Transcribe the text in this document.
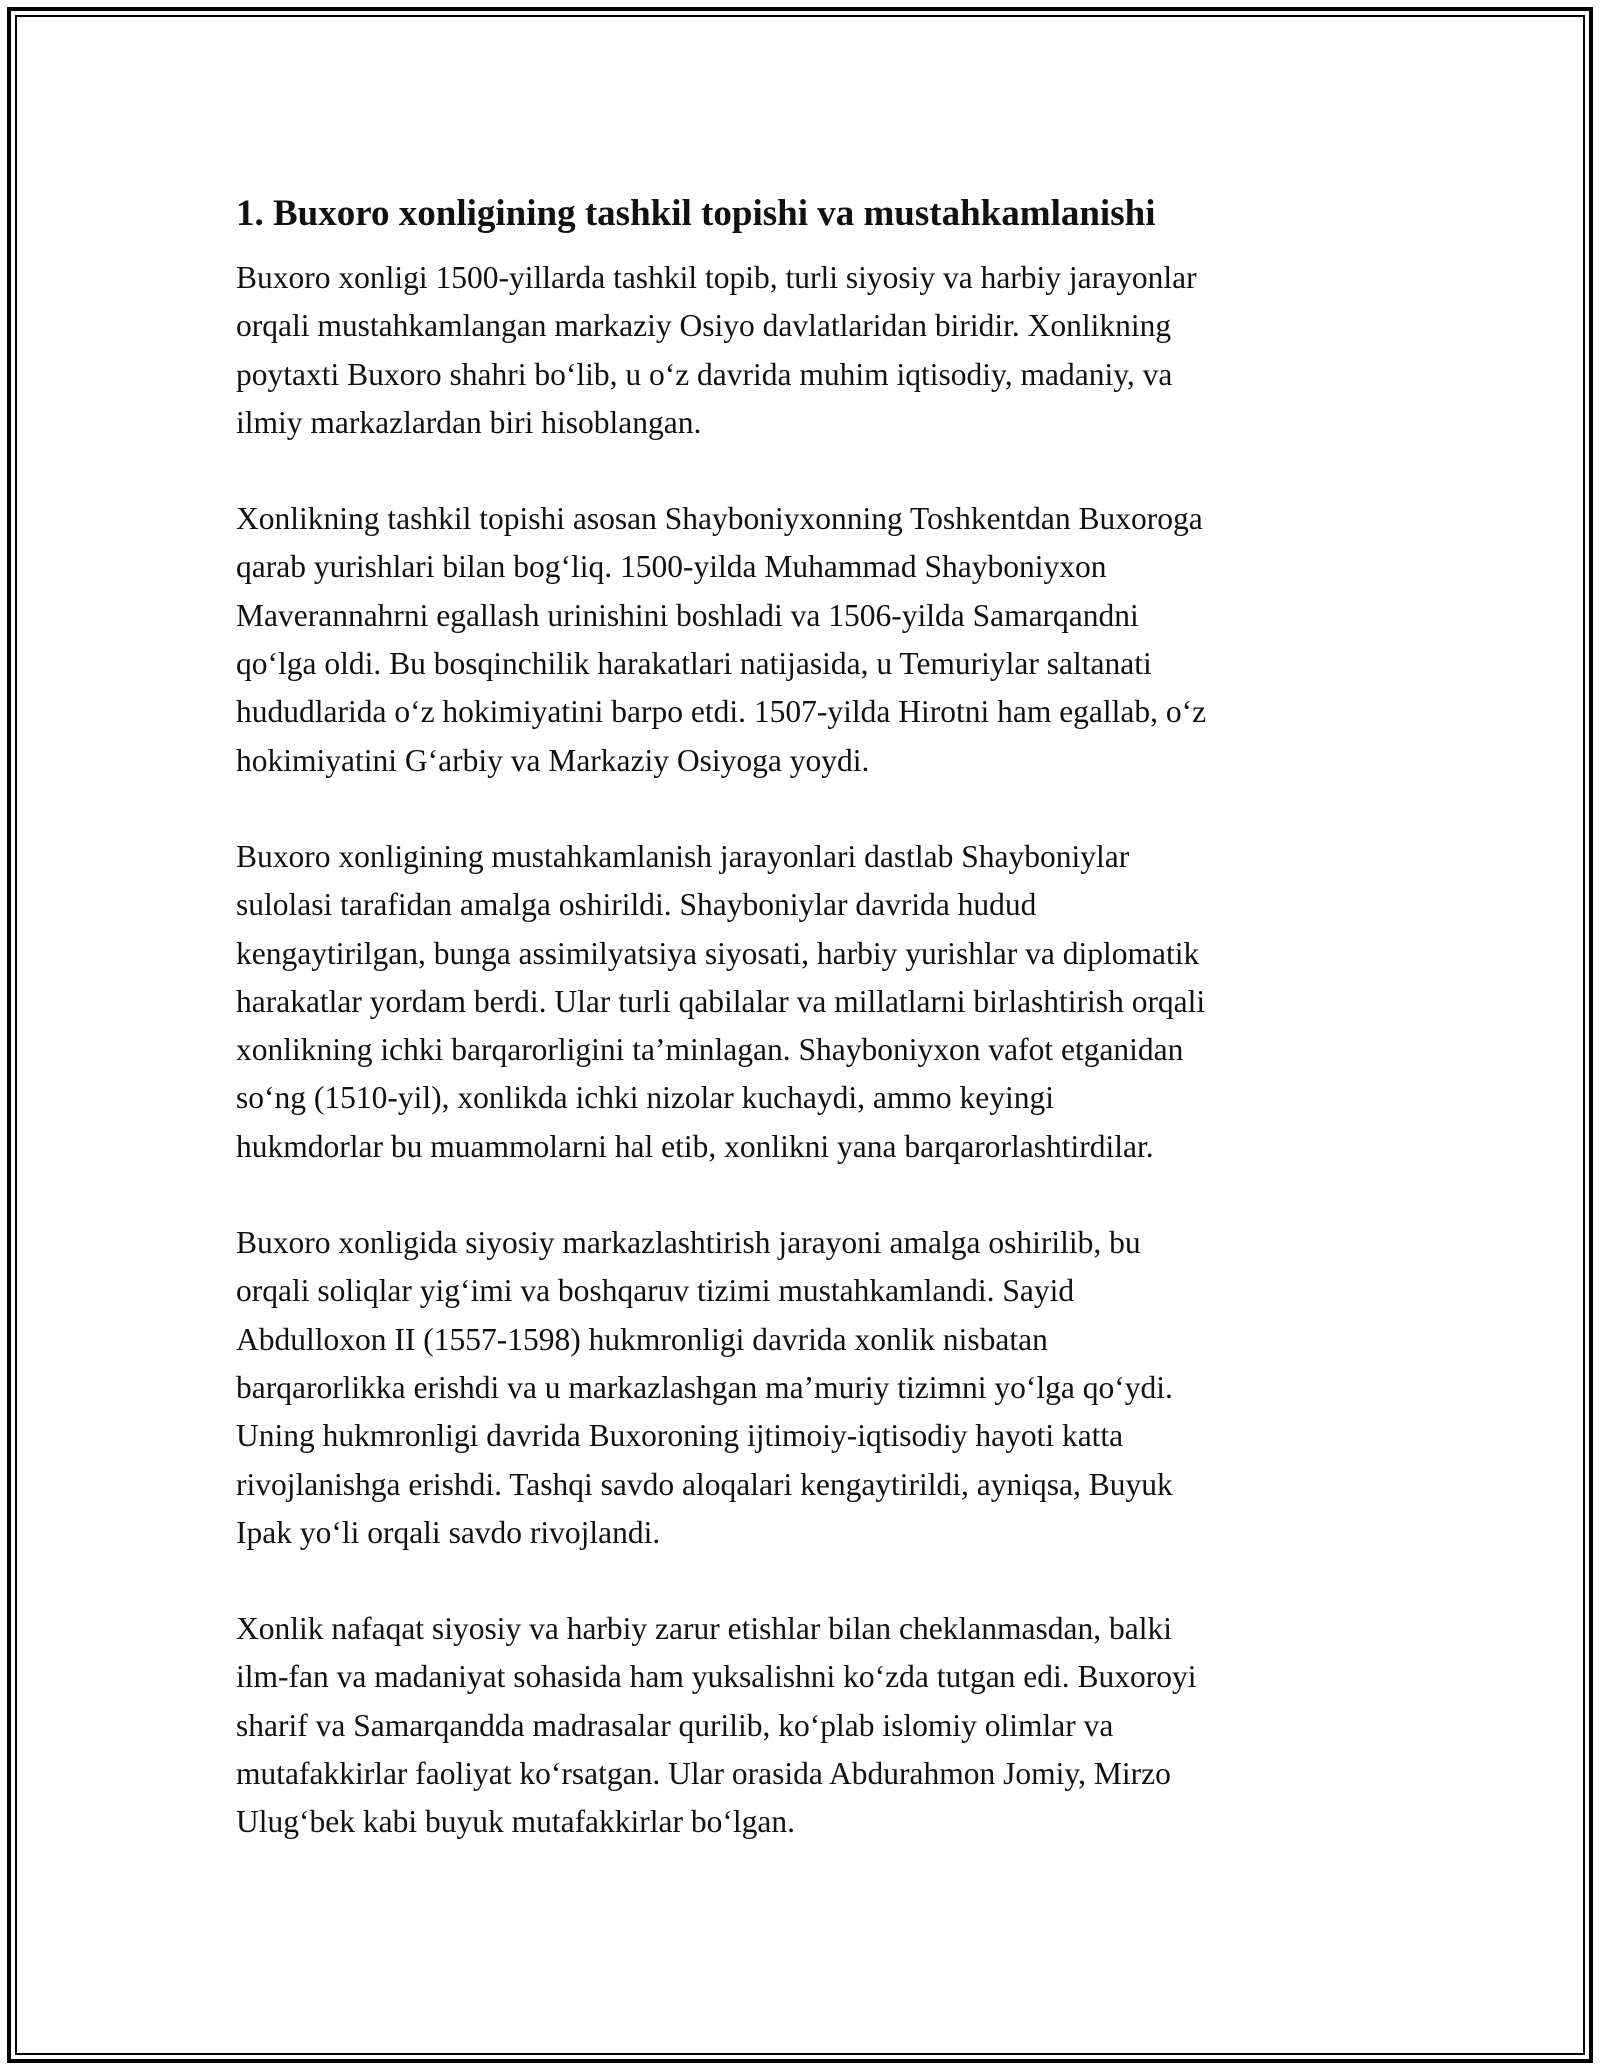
1. Buxoro xonligining tashkil topishi va mustahkamlanishi

Buxoro xonligi 1500-yillarda tashkil topib, turli siyosiy va harbiy jarayonlar
orqali mustahkamlangan markaziy Osiyo davlatlaridan biridir. Xonlikning
poytaxti Buxoro shahri bo‘lib, u o‘z davrida muhim iqtisodiy, madaniy, va
ilmiy markazlardan biri hisoblangan.

Xonlikning tashkil topishi asosan Shayboniyxonning Toshkentdan Buxoroga
qarab yurishlari bilan bog‘liq. 1500-yilda Muhammad Shayboniyxon
Maverannahrni egallash urinishini boshladi va 1506-yilda Samarqandni
qo‘lga oldi. Bu bosqinchilik harakatlari natijasida, u Temuriylar saltanati
hududlarida o‘z hokimiyatini barpo etdi. 1507-yilda Hirotni ham egallab, o‘z
hokimiyatini G‘arbiy va Markaziy Osiyoga yoydi.

Buxoro xonligining mustahkamlanish jarayonlari dastlab Shayboniylar
sulolasi tarafidan amalga oshirildi. Shayboniylar davrida hudud
kengaytirilgan, bunga assimilyatsiya siyosati, harbiy yurishlar va diplomatik
harakatlar yordam berdi. Ular turli qabilalar va millatlarni birlashtirish orqali
xonlikning ichki barqarorligini ta’minlagan. Shayboniyxon vafot etganidan
so‘ng (1510-yil), xonlikda ichki nizolar kuchaydi, ammo keyingi
hukmdorlar bu muammolarni hal etib, xonlikni yana barqarorlashtirdilar.

Buxoro xonligida siyosiy markazlashtirish jarayoni amalga oshirilib, bu
orqali soliqlar yig‘imi va boshqaruv tizimi mustahkamlandi. Sayid
Abdulloxon II (1557-1598) hukmronligi davrida xonlik nisbatan
barqarorlikka erishdi va u markazlashgan ma’muriy tizimni yo‘lga qo‘ydi.
Uning hukmronligi davrida Buxoroning ijtimoiy-iqtisodiy hayoti katta
rivojlanishga erishdi. Tashqi savdo aloqalari kengaytirildi, ayniqsa, Buyuk
Ipak yo‘li orqali savdo rivojlandi.

Xonlik nafaqat siyosiy va harbiy zarur etishlar bilan cheklanmasdan, balki
ilm-fan va madaniyat sohasida ham yuksalishni ko‘zda tutgan edi. Buxoroyi
sharif va Samarqandda madrasalar qurilib, ko‘plab islomiy olimlar va
mutafakkirlar faoliyat ko‘rsatgan. Ular orasida Abdurahmon Jomiy, Mirzo
Ulug‘bek kabi buyuk mutafakkirlar bo‘lgan.
